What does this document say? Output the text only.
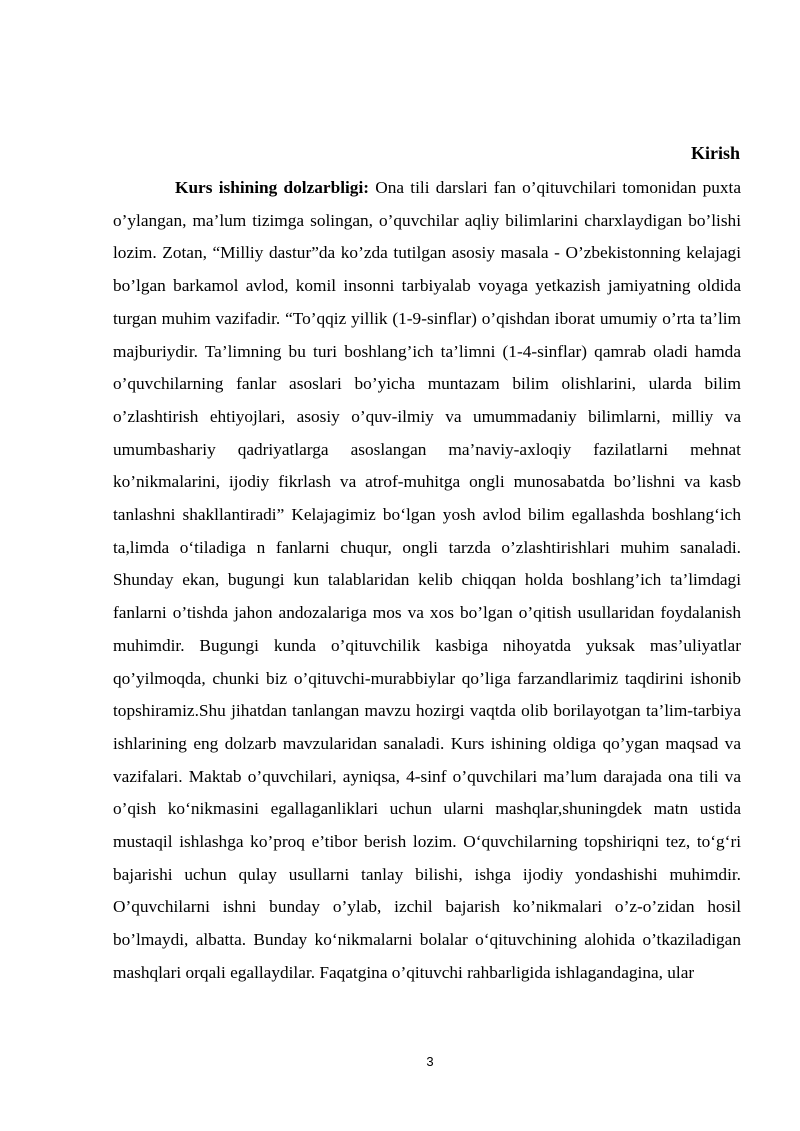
Kirish

Kurs ishining dolzarbligi: Ona tili darslari fan o’qituvchilari tomonidan puxta o’ylangan, ma’lum tizimga solingan, o’quvchilar aqliy bilimlarini charxlaydigan bo’lishi lozim. Zotan, “Milliy dastur”da ko’zda tutilgan asosiy masala - O’zbekistonning kelajagi bo’lgan barkamol avlod, komil insonni tarbiyalab voyaga yetkazish jamiyatning oldida turgan muhim vazifadir. “To’qqiz yillik (1-9-sinflar) o’qishdan iborat umumiy o’rta ta’lim majburiydir. Ta’limning bu turi boshlang’ich ta’limni (1-4-sinflar) qamrab oladi hamda o’quvchilarning fanlar asoslari bo’yicha muntazam bilim olishlarini, ularda bilim o’zlashtirish ehtiyojlari, asosiy o’quv-ilmiy va umummadaniy bilimlarni, milliy va umumbashariy qadriyatlarga asoslangan ma’naviy-axloqiy fazilatlarni mehnat ko’nikmalarini, ijodiy fikrlash va atrof-muhitga ongli munosabatda bo’lishni va kasb tanlashni shakllantiradi” Kelajagimiz bo‘lgan yosh avlod bilim egallashda boshlang‘ich ta,limda o‘tiladiga n fanlarni chuqur, ongli tarzda o’zlashtirishlari muhim sanaladi. Shunday ekan, bugungi kun talablaridan kelib chiqqan holda boshlang’ich ta’limdagi fanlarni o’tishda jahon andozalariga mos va xos bo’lgan o’qitish usullaridan foydalanish muhimdir. Bugungi kunda o’qituvchilik kasbiga nihoyatda yuksak mas’uliyatlar qo’yilmoqda, chunki biz o’qituvchi-murabbiylar qo’liga farzandlarimiz taqdirini ishonib topshiramiz.Shu jihatdan tanlangan mavzu hozirgi vaqtda olib borilayotgan ta’lim-tarbiya ishlarining eng dolzarb mavzularidan sanaladi. Kurs ishining oldiga qo’ygan maqsad va vazifalari. Maktab o’quvchilari, ayniqsa, 4-sinf o’quvchilari ma’lum darajada ona tili va o’qish ko‘nikmasini egallaganliklari uchun ularni mashqlar,shuningdek matn ustida mustaqil ishlashga ko’proq e’tibor berish lozim. O‘quvchilarning topshiriqni tez, to‘g‘ri bajarishi uchun qulay usullarni tanlay bilishi, ishga ijodiy yondashishi muhimdir. O’quvchilarni ishni bunday o’ylab, izchil bajarish ko’nikmalari o’z-o’zidan hosil bo’lmaydi, albatta. Bunday ko‘nikmalarni bolalar o‘qituvchining alohida o’tkaziladigan mashqlari orqali egallaydilar. Faqatgina o’qituvchi rahbarligida ishlagandagina, ular

3
